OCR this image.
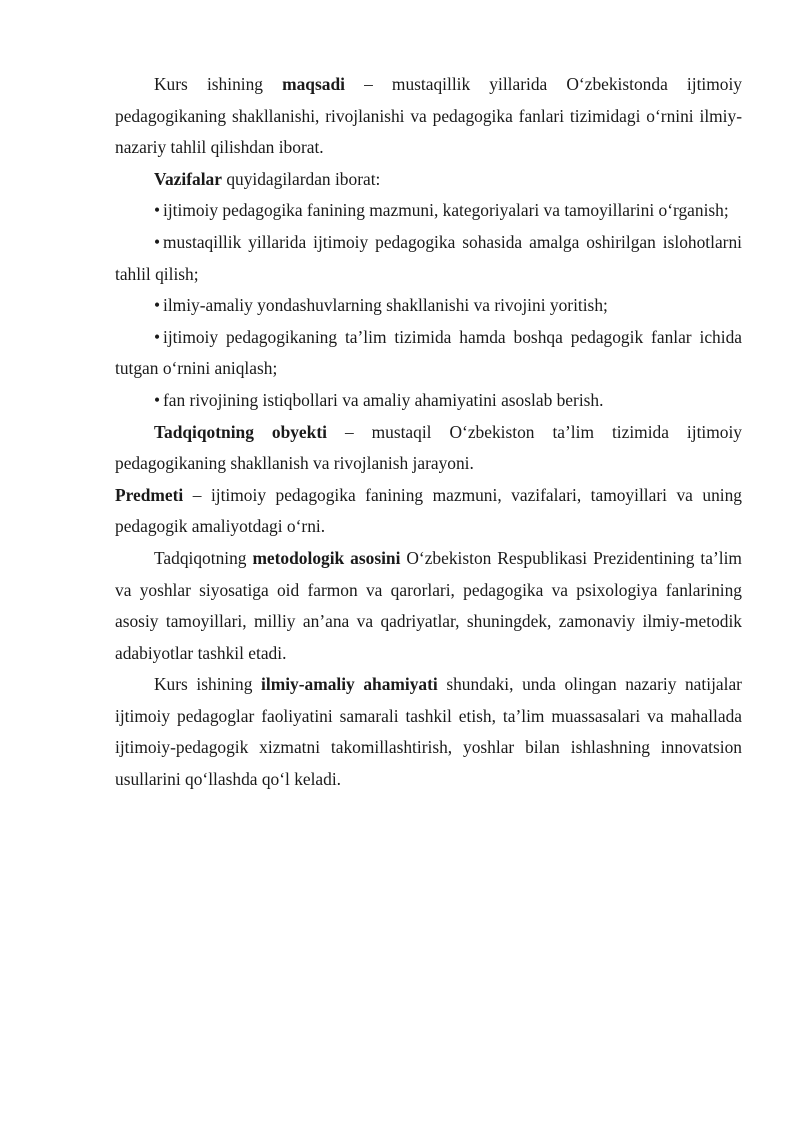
Kurs ishining maqsadi – mustaqillik yillarida O‘zbekistonda ijtimoiy pedagogikaning shakllanishi, rivojlanishi va pedagogika fanlari tizimidagi o‘rnini ilmiy-nazariy tahlil qilishdan iborat.

Vazifalar quyidagilardan iborat:

• ijtimoiy pedagogika fanining mazmuni, kategoriyalari va tamoyillarini o‘rganish;

• mustaqillik yillarida ijtimoiy pedagogika sohasida amalga oshirilgan islohotlarni tahlil qilish;

• ilmiy-amaliy yondashuvlarning shakllanishi va rivojini yoritish;

• ijtimoiy pedagogikaning ta’lim tizimida hamda boshqa pedagogik fanlar ichida tutgan o‘rnini aniqlash;

• fan rivojining istiqbollari va amaliy ahamiyatini asoslab berish.

Tadqiqotning obyekti – mustaqil O‘zbekiston ta’lim tizimida ijtimoiy pedagogikaning shakllanish va rivojlanish jarayoni.

Predmeti – ijtimoiy pedagogika fanining mazmuni, vazifalari, tamoyillari va uning pedagogik amaliyotdagi o‘rni.

Tadqiqotning metodologik asosini O‘zbekiston Respublikasi Prezidentining ta’lim va yoshlar siyosatiga oid farmon va qarorlari, pedagogika va psixologiya fanlarining asosiy tamoyillari, milliy an’ana va qadriyatlar, shuningdek, zamonaviy ilmiy-metodik adabiyotlar tashkil etadi.

Kurs ishining ilmiy-amaliy ahamiyati shundaki, unda olingan nazariy natijalar ijtimoiy pedagoglar faoliyatini samarali tashkil etish, ta’lim muassasalari va mahallada ijtimoiy-pedagogik xizmatni takomillashtirish, yoshlar bilan ishlashning innovatsion usullarini qo‘llashda qo‘l keladi.
